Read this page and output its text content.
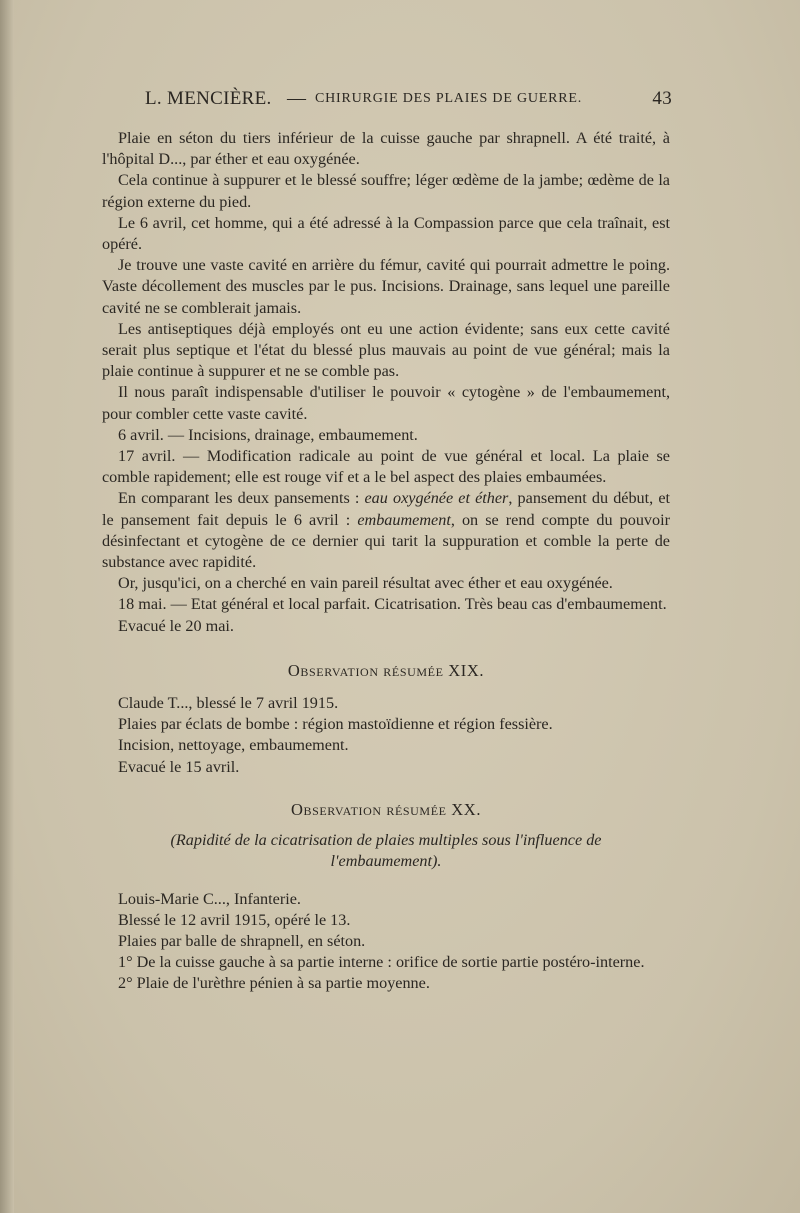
L. MENCIÈRE. — CHIRURGIE DES PLAIES DE GUERRE.	43

Plaie en séton du tiers inférieur de la cuisse gauche par shrapnell. A été traité, à l'hôpital D..., par éther et eau oxygénée.

Cela continue à suppurer et le blessé souffre; léger œdème de la jambe; œdème de la région externe du pied.

Le 6 avril, cet homme, qui a été adressé à la Compassion parce que cela traînait, est opéré.

Je trouve une vaste cavité en arrière du fémur, cavité qui pourrait admettre le poing. Vaste décollement des muscles par le pus. Incisions. Drainage, sans lequel une pareille cavité ne se comblerait jamais.

Les antiseptiques déjà employés ont eu une action évidente; sans eux cette cavité serait plus septique et l'état du blessé plus mauvais au point de vue général; mais la plaie continue à suppurer et ne se comble pas.

Il nous paraît indispensable d'utiliser le pouvoir « cytogène » de l'embaumement, pour combler cette vaste cavité.

6 avril. — Incisions, drainage, embaumement.

17 avril. — Modification radicale au point de vue général et local. La plaie se comble rapidement; elle est rouge vif et a le bel aspect des plaies embaumées.

En comparant les deux pansements : eau oxygénée et éther, pansement du début, et le pansement fait depuis le 6 avril : embaumement, on se rend compte du pouvoir désinfectant et cytogène de ce dernier qui tarit la suppuration et comble la perte de substance avec rapidité.

Or, jusqu'ici, on a cherché en vain pareil résultat avec éther et eau oxygénée.

18 mai. — Etat général et local parfait. Cicatrisation. Très beau cas d'embaumement.

Evacué le 20 mai.

Observation résumée XIX.

Claude T..., blessé le 7 avril 1915.

Plaies par éclats de bombe : région mastoïdienne et région fessière.

Incision, nettoyage, embaumement.

Evacué le 15 avril.

Observation résumée XX.

(Rapidité de la cicatrisation de plaies multiples sous l'influence de

l'embaumement).

Louis-Marie C..., Infanterie.

Blessé le 12 avril 1915, opéré le 13.

Plaies par balle de shrapnell, en séton.

1° De la cuisse gauche à sa partie interne : orifice de sortie partie postéro-interne.

2° Plaie de l'urèthre pénien à sa partie moyenne.
